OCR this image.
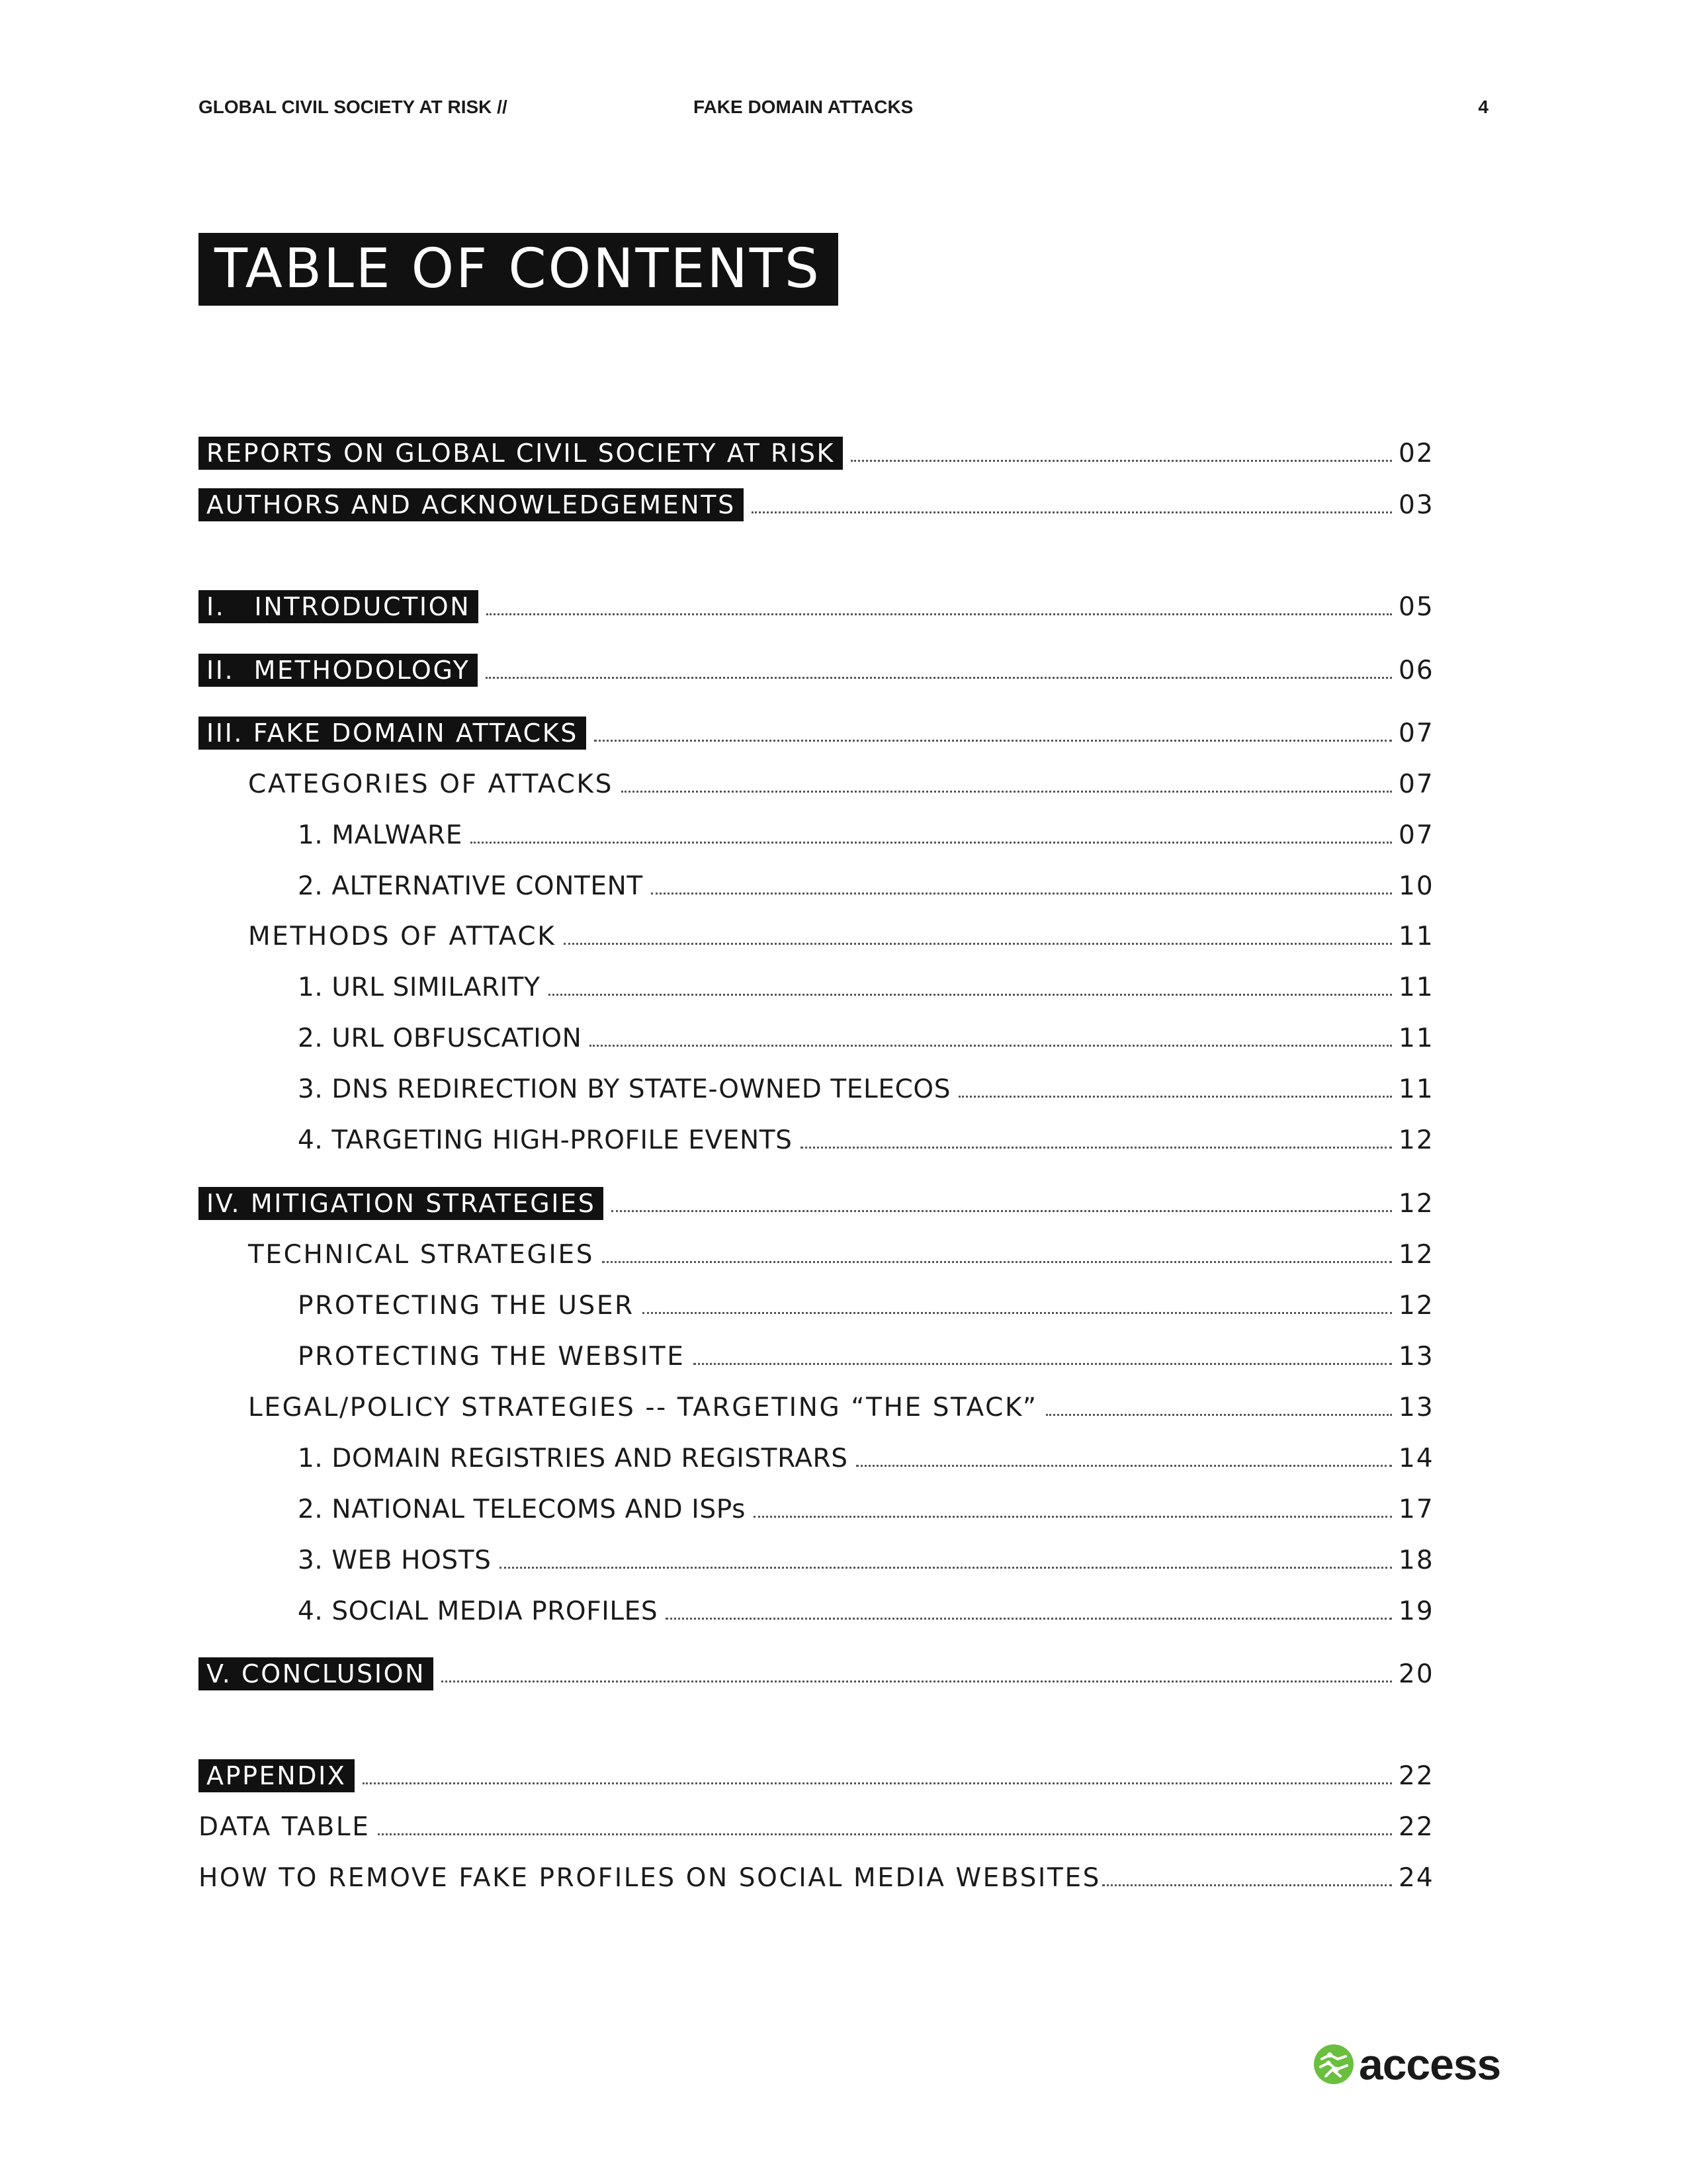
GLOBAL CIVIL SOCIETY AT RISK //	FAKE DOMAIN ATTACKS	4
TABLE OF CONTENTS
REPORTS ON GLOBAL CIVIL SOCIETY AT RISK	02
AUTHORS AND ACKNOWLEDGEMENTS	03
I.   INTRODUCTION	05
II.  METHODOLOGY	06
III. FAKE DOMAIN ATTACKS	07
CATEGORIES OF ATTACKS	07
1. MALWARE	07
2. ALTERNATIVE CONTENT	10
METHODS OF ATTACK	11
1. URL SIMILARITY	11
2. URL OBFUSCATION	11
3. DNS REDIRECTION BY STATE-OWNED TELECOS	11
4. TARGETING HIGH-PROFILE EVENTS	12
IV. MITIGATION STRATEGIES	12
TECHNICAL STRATEGIES	12
PROTECTING THE USER	12
PROTECTING THE WEBSITE	13
LEGAL/POLICY STRATEGIES -- TARGETING “THE STACK”	13
1. DOMAIN REGISTRIES AND REGISTRARS	14
2. NATIONAL TELECOMS AND ISPs	17
3. WEB HOSTS	18
4. SOCIAL MEDIA PROFILES	19
V. CONCLUSION	20
APPENDIX	22
DATA TABLE	22
HOW TO REMOVE FAKE PROFILES ON SOCIAL MEDIA WEBSITES	24
access
